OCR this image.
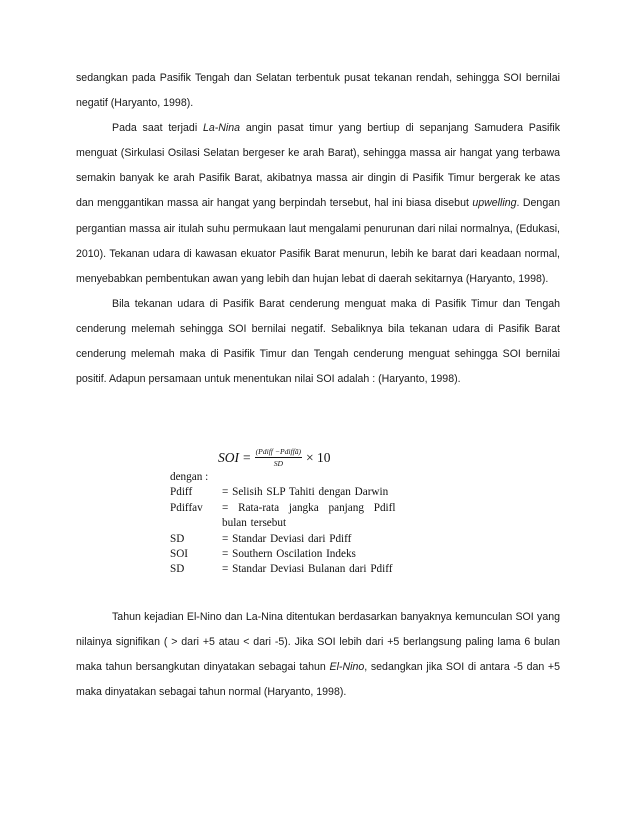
sedangkan pada Pasifik Tengah dan Selatan terbentuk pusat tekanan rendah, sehingga SOI bernilai negatif (Haryanto, 1998).

Pada saat terjadi La-Nina angin pasat timur yang bertiup di sepanjang Samudera Pasifik menguat (Sirkulasi Osilasi Selatan bergeser ke arah Barat), sehingga massa air hangat yang terbawa semakin banyak ke arah Pasifik Barat, akibatnya massa air dingin di Pasifik Timur bergerak ke atas dan menggantikan massa air hangat yang berpindah tersebut, hal ini biasa disebut upwelling. Dengan pergantian massa air itulah suhu permukaan laut mengalami penurunan dari nilai normalnya, (Edukasi, 2010). Tekanan udara di kawasan ekuator Pasifik Barat menurun, lebih ke barat dari keadaan normal, menyebabkan pembentukan awan yang lebih dan hujan lebat di daerah sekitarnya (Haryanto, 1998).

Bila tekanan udara di Pasifik Barat cenderung menguat maka di Pasifik Timur dan Tengah cenderung melemah sehingga SOI bernilai negatif. Sebaliknya bila tekanan udara di Pasifik Barat cenderung melemah maka di Pasifik Timur dan Tengah cenderung menguat sehingga SOI bernilai positif. Adapun persamaan untuk menentukan nilai SOI adalah : (Haryanto, 1998).

SOI = $\frac{\text{(Pdiff −Pdiffā)}}{SD} \times 10$
dengan :
Pdiff	= Selisih SLP Tahiti dengan Darwin
Pdiffav	= Rata-rata jangka panjang Pdifl
bulan tersebut
SD	= Standar Deviasi dari Pdiff
SOI	= Southern Oscilation Indeks
SD	= Standar Deviasi Bulanan dari Pdiff

Tahun kejadian El-Nino dan La-Nina ditentukan berdasarkan banyaknya kemunculan SOI yang nilainya signifikan ( > dari +5 atau < dari -5). Jika SOI lebih dari +5 berlangsung paling lama 6 bulan maka tahun bersangkutan dinyatakan sebagai tahun El-Nino, sedangkan jika SOI di antara -5 dan +5 maka dinyatakan sebagai tahun normal (Haryanto, 1998).
